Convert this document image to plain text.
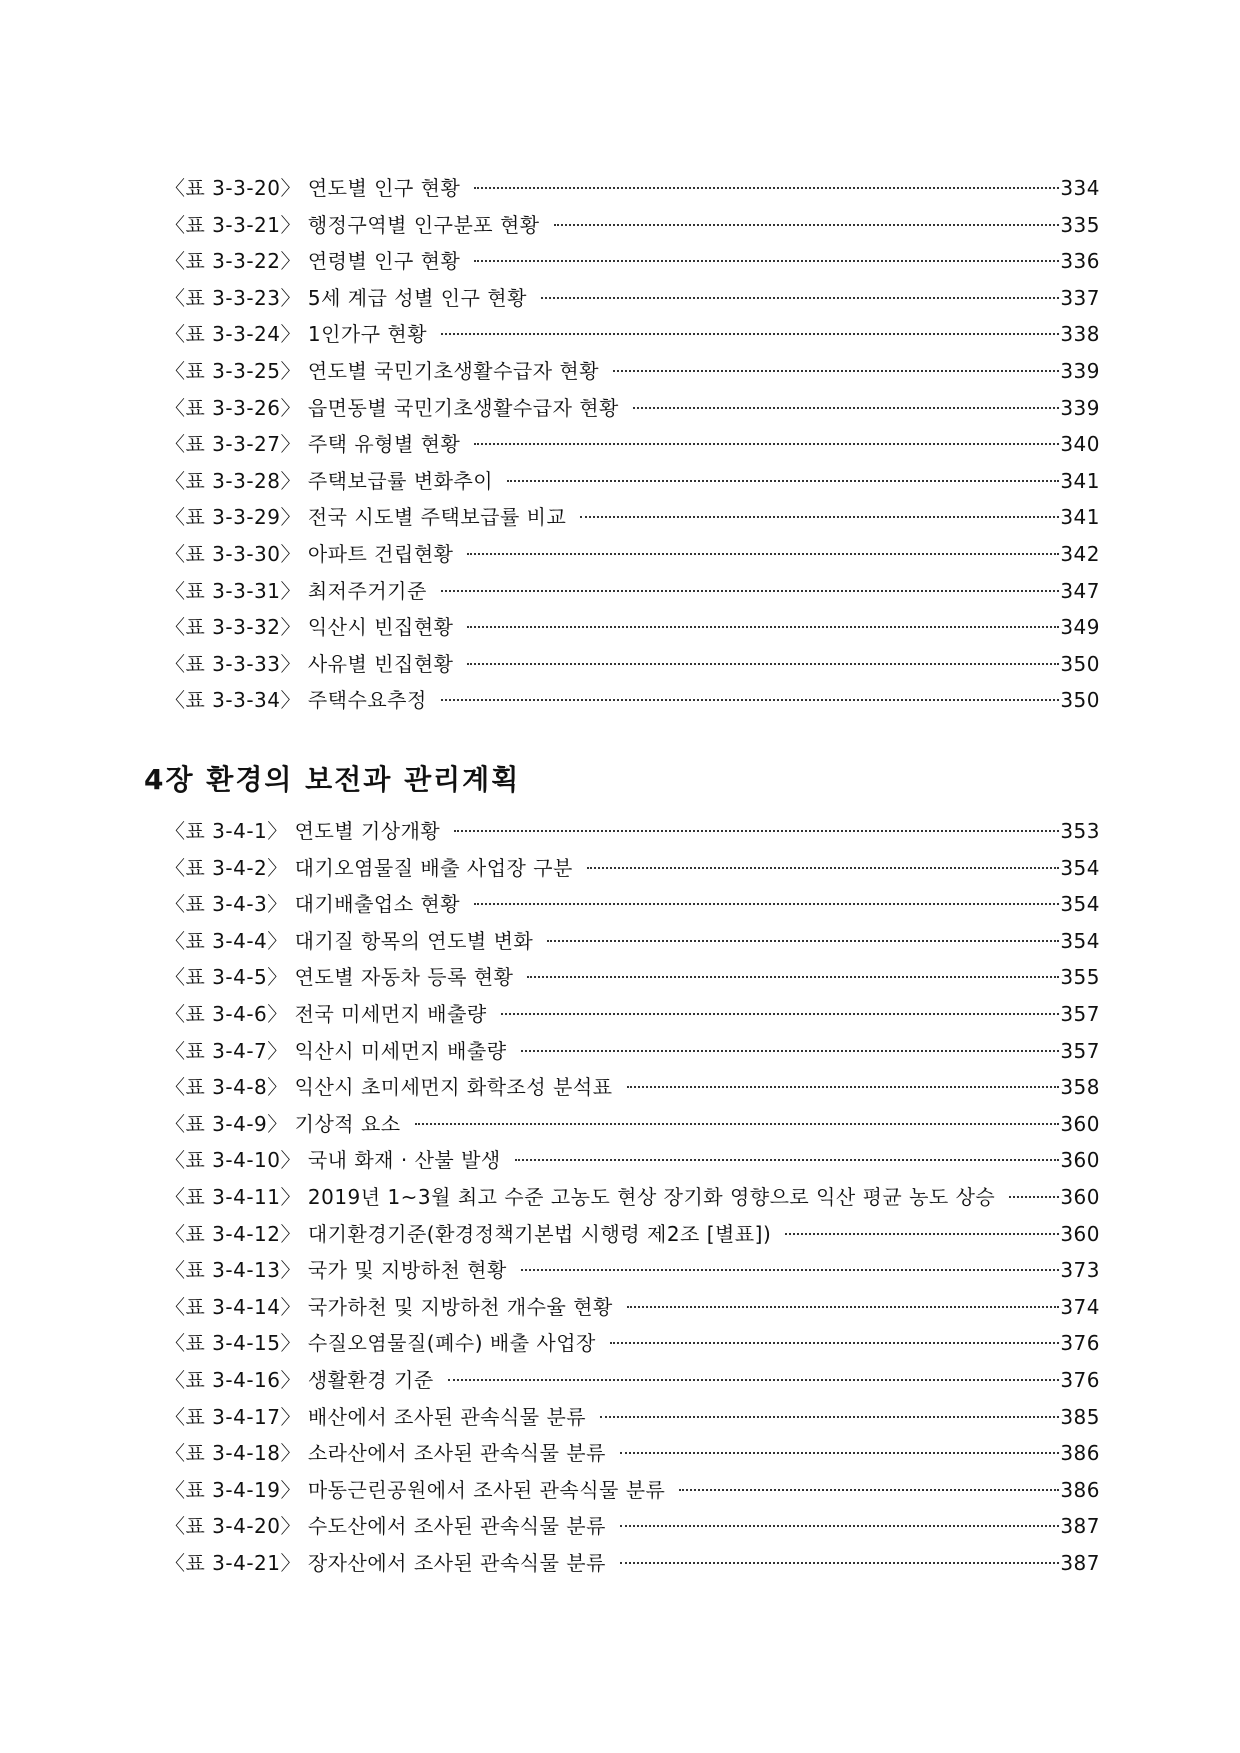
〈표 3-3-20〉 연도별 인구 현황	334
〈표 3-3-21〉 행정구역별 인구분포 현황	335
〈표 3-3-22〉 연령별 인구 현황	336
〈표 3-3-23〉 5세 계급 성별 인구 현황	337
〈표 3-3-24〉 1인가구 현황	338
〈표 3-3-25〉 연도별 국민기초생활수급자 현황	339
〈표 3-3-26〉 읍면동별 국민기초생활수급자 현황	339
〈표 3-3-27〉 주택 유형별 현황	340
〈표 3-3-28〉 주택보급률 변화추이	341
〈표 3-3-29〉 전국 시도별 주택보급률 비교	341
〈표 3-3-30〉 아파트 건립현황	342
〈표 3-3-31〉 최저주거기준	347
〈표 3-3-32〉 익산시 빈집현황	349
〈표 3-3-33〉 사유별 빈집현황	350
〈표 3-3-34〉 주택수요추정	350
4장 환경의 보전과 관리계획
〈표 3-4-1〉 연도별 기상개황	353
〈표 3-4-2〉 대기오염물질 배출 사업장 구분	354
〈표 3-4-3〉 대기배출업소 현황	354
〈표 3-4-4〉 대기질 항목의 연도별 변화	354
〈표 3-4-5〉 연도별 자동차 등록 현황	355
〈표 3-4-6〉 전국 미세먼지 배출량	357
〈표 3-4-7〉 익산시 미세먼지 배출량	357
〈표 3-4-8〉 익산시 초미세먼지 화학조성 분석표	358
〈표 3-4-9〉 기상적 요소	360
〈표 3-4-10〉 국내 화재 · 산불 발생	360
〈표 3-4-11〉 2019년 1~3월 최고 수준 고농도 현상 장기화 영향으로 익산 평균 농도 상승	360
〈표 3-4-12〉 대기환경기준(환경정책기본법 시행령 제2조 [별표])	360
〈표 3-4-13〉 국가 및 지방하천 현황	373
〈표 3-4-14〉 국가하천 및 지방하천 개수율 현황	374
〈표 3-4-15〉 수질오염물질(폐수) 배출 사업장	376
〈표 3-4-16〉 생활환경 기준	376
〈표 3-4-17〉 배산에서 조사된 관속식물 분류	385
〈표 3-4-18〉 소라산에서 조사된 관속식물 분류	386
〈표 3-4-19〉 마동근린공원에서 조사된 관속식물 분류	386
〈표 3-4-20〉 수도산에서 조사된 관속식물 분류	387
〈표 3-4-21〉 장자산에서 조사된 관속식물 분류	387
